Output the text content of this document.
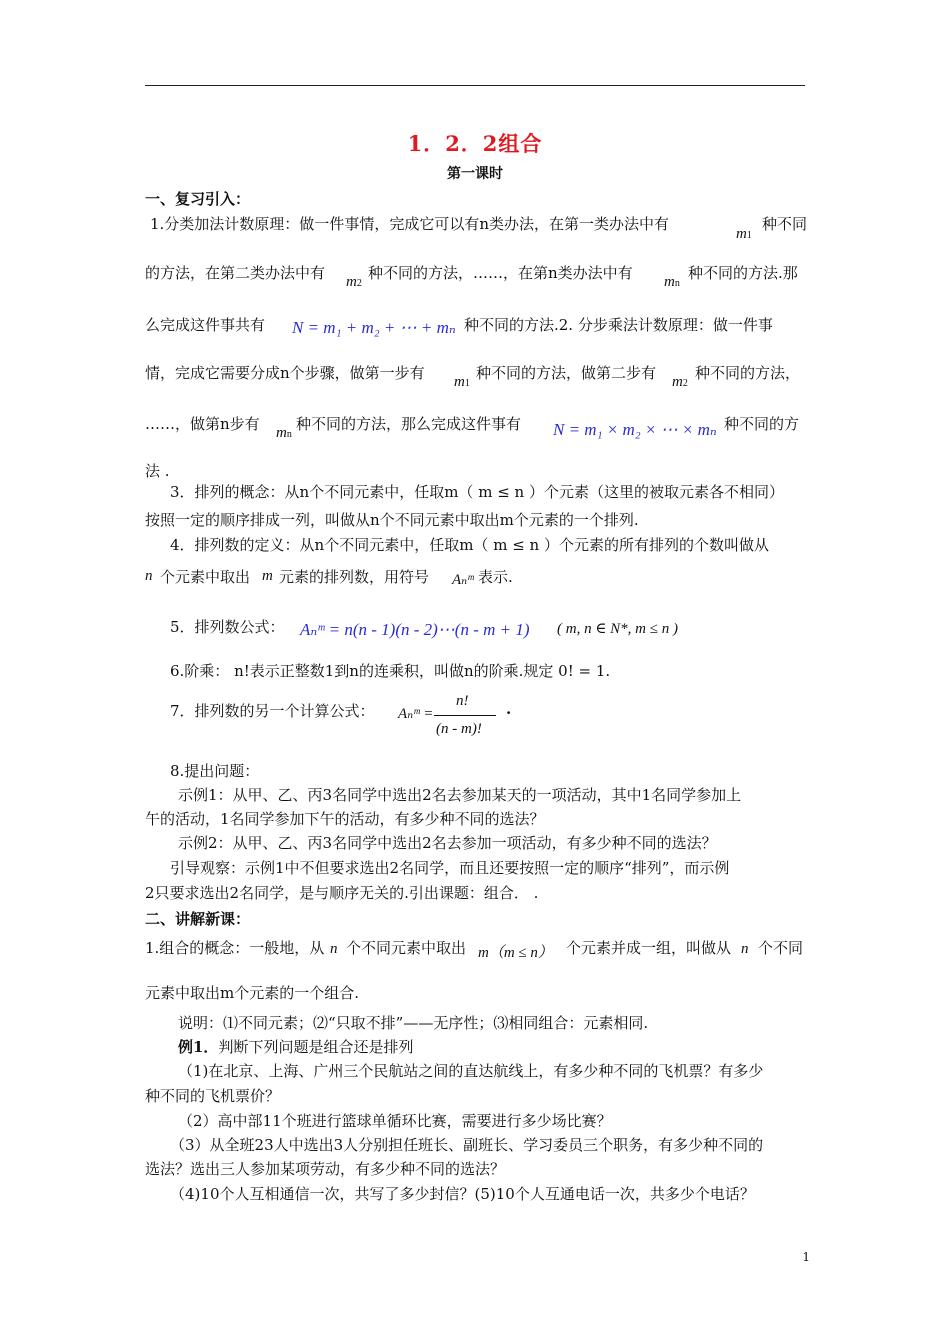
1．2．2组合
第一课时
一、复习引入：
1.分类加法计数原理：做一件事情，完成它可以有n类办法，在第一类办法中有
m1
种不同
的方法，在第二类办法中有 m2
种不同的方法，……，在第n类办法中有 mn
种不同的方法.那
么完成这件事共有 N = m₁ + m₂ + ⋯ + mₙ 种不同的方法.2. 分步乘法计数原理：做一件事
情，完成它需要分成n个步骤，做第一步有 m1
种不同的方法，做第二步有 m2
种不同的方法，
……，做第n步有 mn
种不同的方法，那么完成这件事有 N = m₁ × m₂ × ⋯ × mₙ 种不同的方
法 .
3．排列的概念：从n个不同元素中，任取m（ m ≤ n ）个元素（这里的被取元素各不相同）
按照一定的顺序排成一列，叫做从n个不同元素中取出m个元素的一个排列.
4．排列数的定义：从n个不同元素中，任取m（ m ≤ n ）个元素的所有排列的个数叫做从
n 个元素中取出 m 元素的排列数，用符号 Aₙᵐ 表示.
5．排列数公式： Aₙᵐ = n(n - 1)(n - 2)⋯(n - m + 1) ( m, n ∈ N*, m ≤ n )
6.阶乘： n!表示正整数1到n的连乘积，叫做n的阶乘.规定 0! = 1.
7．排列数的另一个计算公式： Aₙᵐ =
n!
(n - m)!
.
8.提出问题：
示例1：从甲、乙、丙3名同学中选出2名去参加某天的一项活动，其中1名同学参加上
午的活动，1名同学参加下午的活动，有多少种不同的选法？
示例2：从甲、乙、丙3名同学中选出2名去参加一项活动，有多少种不同的选法？
引导观察：示例1中不但要求选出2名同学，而且还要按照一定的顺序“排列”，而示例
2只要求选出2名同学，是与顺序无关的.引出课题：组合． .
二、讲解新课：
1.组合的概念：一般地，从 n 个不同元素中取出 m（m ≤ n） 个元素并成一组，叫做从 n 个不同
元素中取出m个元素的一个组合.
说明：⑴不同元素；⑵“只取不排”——无序性；⑶相同组合：元素相同.
例1．判断下列问题是组合还是排列
（1)在北京、上海、广州三个民航站之间的直达航线上，有多少种不同的飞机票？有多少
种不同的飞机票价？
（2）高中部11个班进行篮球单循环比赛，需要进行多少场比赛？
（3）从全班23人中选出3人分别担任班长、副班长、学习委员三个职务，有多少种不同的
选法？选出三人参加某项劳动，有多少种不同的选法？
（4)10个人互相通信一次，共写了多少封信？(5)10个人互通电话一次，共多少个电话？
1
